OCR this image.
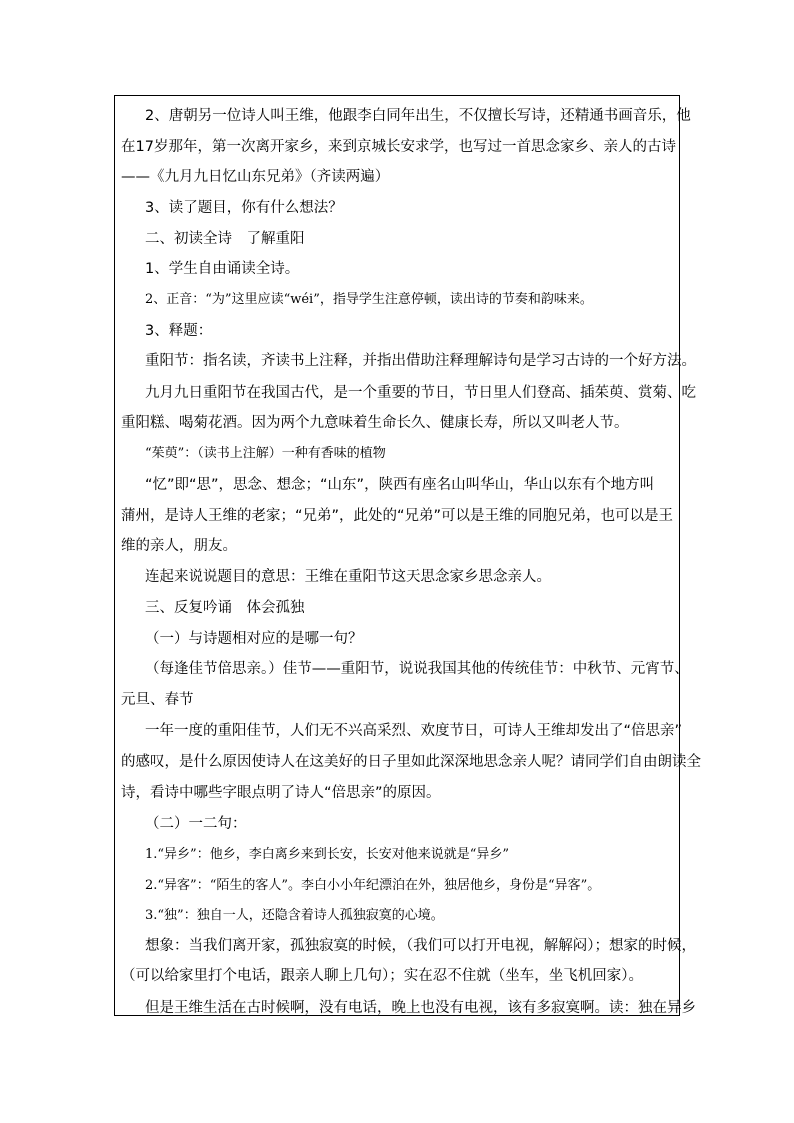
2、唐朝另一位诗人叫王维，他跟李白同年出生，不仅擅长写诗，还精通书画音乐，他

在17岁那年，第一次离开家乡，来到京城长安求学，也写过一首思念家乡、亲人的古诗

——《九月九日忆山东兄弟》（齐读两遍）

3、读了题目，你有什么想法？

二、初读全诗　了解重阳

1、学生自由诵读全诗。

2、正音：“为”这里应读“wéi”，指导学生注意停顿，读出诗的节奏和韵味来。

3、释题：

重阳节：指名读，齐读书上注释，并指出借助注释理解诗句是学习古诗的一个好方法。

九月九日重阳节在我国古代，是一个重要的节日，节日里人们登高、插茱萸、赏菊、吃

重阳糕、喝菊花酒。因为两个九意味着生命长久、健康长寿，所以又叫老人节。

“茱萸”：（读书上注解）一种有香味的植物

“忆”即“思”，思念、想念；“山东”，陕西有座名山叫华山，华山以东有个地方叫

蒲州，是诗人王维的老家；“兄弟”，此处的“兄弟”可以是王维的同胞兄弟，也可以是王

维的亲人，朋友。

连起来说说题目的意思：王维在重阳节这天思念家乡思念亲人。

三、反复吟诵　体会孤独

（一）与诗题相对应的是哪一句？

（每逢佳节倍思亲。）佳节——重阳节，说说我国其他的传统佳节：中秋节、元宵节、

元旦、春节

一年一度的重阳佳节，人们无不兴高采烈、欢度节日，可诗人王维却发出了“倍思亲”

的感叹，是什么原因使诗人在这美好的日子里如此深深地思念亲人呢？请同学们自由朗读全

诗，看诗中哪些字眼点明了诗人“倍思亲”的原因。

（二）一二句：

1.“异乡”：他乡，李白离乡来到长安，长安对他来说就是“异乡”

2.“异客”：“陌生的客人”。李白小小年纪漂泊在外，独居他乡，身份是“异客”。

3.“独”：独自一人，还隐含着诗人孤独寂寞的心境。

想象：当我们离开家，孤独寂寞的时候，（我们可以打开电视，解解闷）；想家的时候，

（可以给家里打个电话，跟亲人聊上几句）；实在忍不住就（坐车，坐飞机回家）。

但是王维生活在古时候啊，没有电话，晚上也没有电视，该有多寂寞啊。读：独在异乡
